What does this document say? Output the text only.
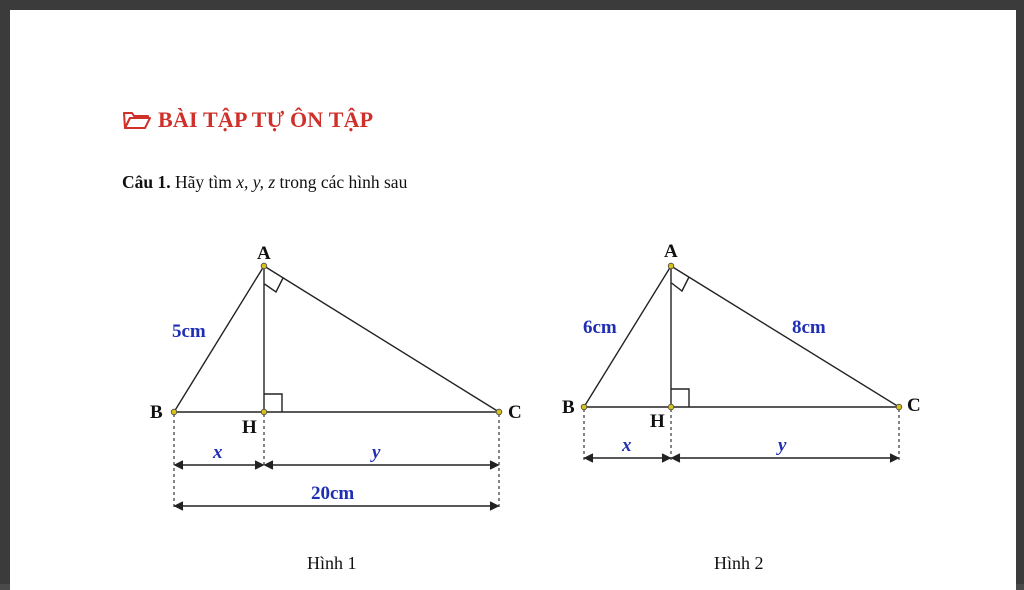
BÀI TẬP TỰ ÔN TẬP
Câu 1. Hãy tìm x, y, z trong các hình sau
A
B	C
H
5cm
x	y
20cm
Hình 1
A
B	C
H
6cm	8cm
x	y
Hình 2
